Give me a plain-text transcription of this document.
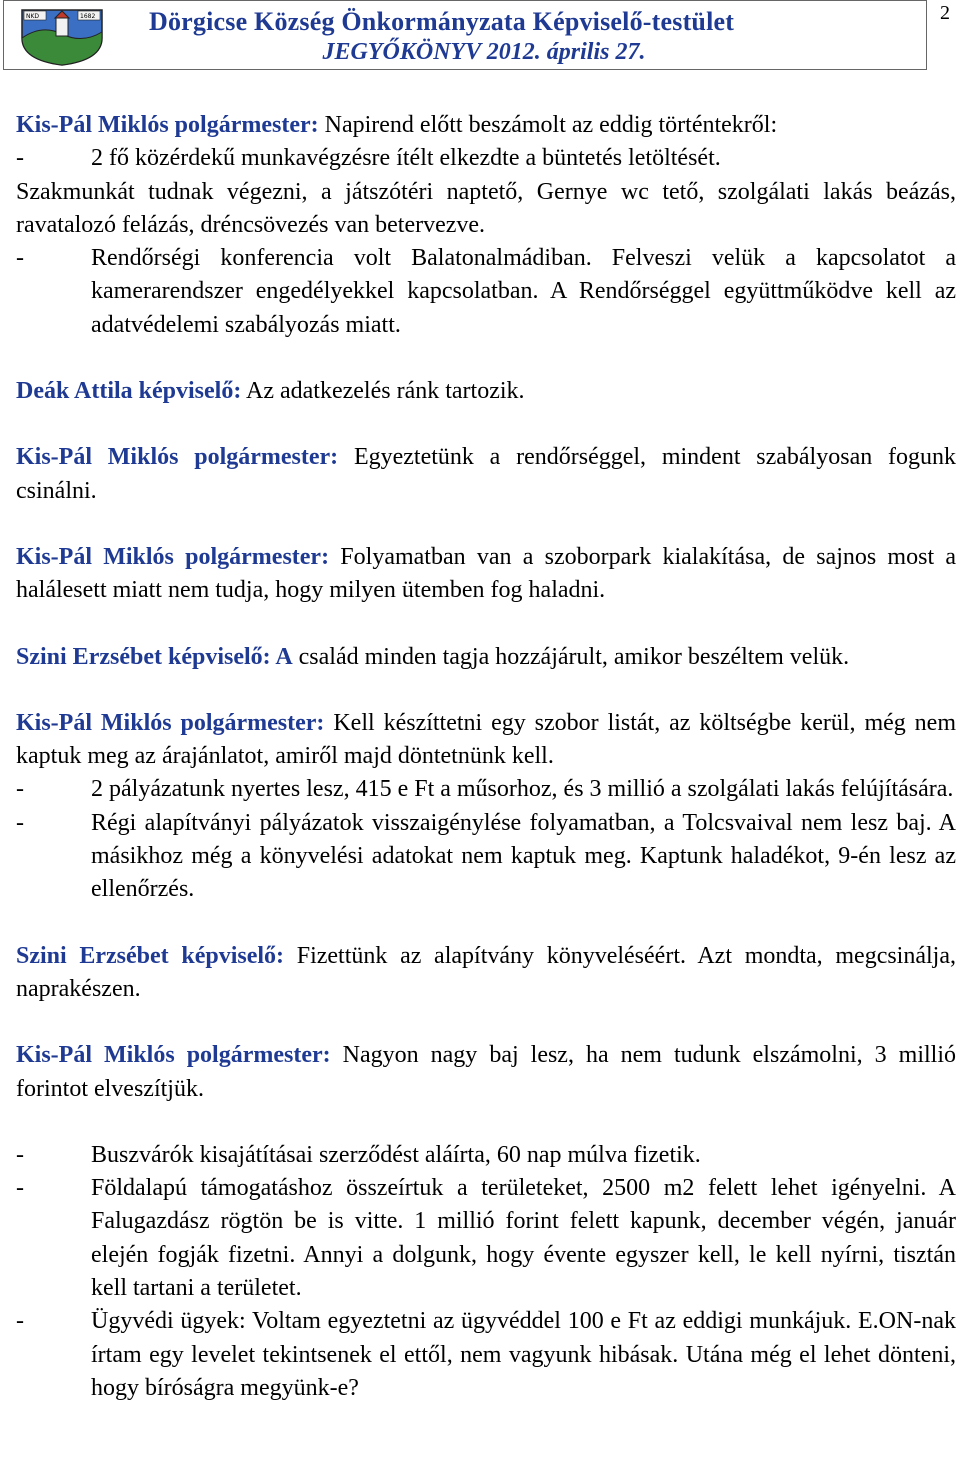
NKD	1682 Dörgicse Község Önkormányzata Képviselő-testület
JEGYŐKÖNYV 2012. április 27.
2
Kis-Pál Miklós polgármester: Napirend előtt beszámolt az eddig történtekről:
-	2 fő közérdekű munkavégzésre ítélt elkezdte a büntetés letöltését.
Szakmunkát tudnak végezni, a játszótéri naptető, Gernye wc tető, szolgálati lakás beázás, ravatalozó felázás, dréncsövezés van betervezve.
-	Rendőrségi konferencia volt Balatonalmádiban. Felveszi velük a kapcsolatot a kamerarendszer engedélyekkel kapcsolatban. A Rendőrséggel együttműködve kell az adatvédelemi szabályozás miatt.
Deák Attila képviselő: Az adatkezelés ránk tartozik.
Kis-Pál Miklós polgármester: Egyeztetünk a rendőrséggel, mindent szabályosan fogunk csinálni.
Kis-Pál Miklós polgármester: Folyamatban van a szoborpark kialakítása, de sajnos most a halálesett miatt nem tudja, hogy milyen ütemben fog haladni.
Szini Erzsébet képviselő: A család minden tagja hozzájárult, amikor beszéltem velük.
Kis-Pál Miklós polgármester: Kell készíttetni egy szobor listát, az költségbe kerül, még nem kaptuk meg az árajánlatot, amiről majd döntetnünk kell.
-	2 pályázatunk nyertes lesz, 415 e Ft a műsorhoz, és 3 millió a szolgálati lakás felújítására.
-	Régi alapítványi pályázatok visszaigénylése folyamatban, a Tolcsvaival nem lesz baj. A másikhoz még a könyvelési adatokat nem kaptuk meg. Kaptunk haladékot, 9-én lesz az ellenőrzés.
Szini Erzsébet képviselő: Fizettünk az alapítvány könyveléséért. Azt mondta, megcsinálja, naprakészen.
Kis-Pál Miklós polgármester: Nagyon nagy baj lesz, ha nem tudunk elszámolni, 3 millió forintot elveszítjük.
-	Buszvárók kisajátításai szerződést aláírta, 60 nap múlva fizetik.
-	Földalapú támogatáshoz összeírtuk a területeket, 2500 m2 felett lehet igényelni. A Falugazdász rögtön be is vitte. 1 millió forint felett kapunk, december végén, január elején fogják fizetni. Annyi a dolgunk, hogy évente egyszer kell, le kell nyírni, tisztán kell tartani a területet.
-	Ügyvédi ügyek: Voltam egyeztetni az ügyvéddel 100 e Ft az eddigi munkájuk. E.ON-nak írtam egy levelet tekintsenek el ettől, nem vagyunk hibásak. Utána még el lehet dönteni, hogy bíróságra megyünk-e?
